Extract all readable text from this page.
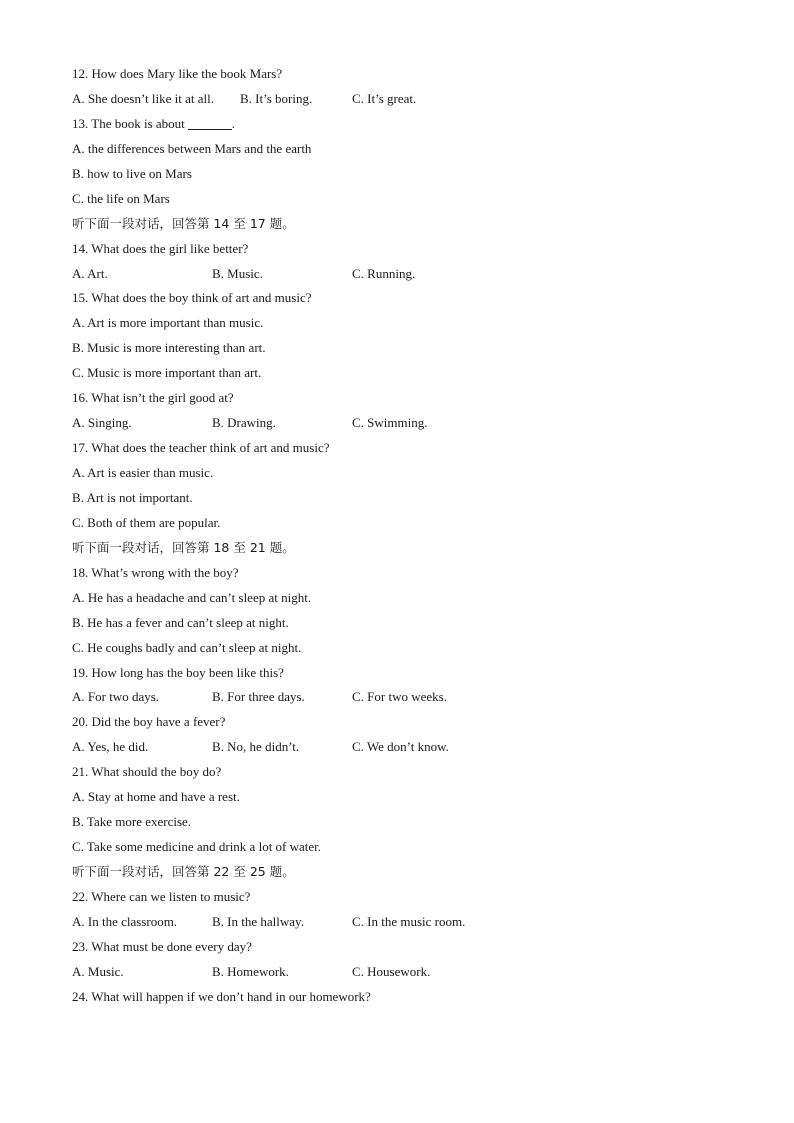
12. How does Mary like the book Mars?
A. She doesn’t like it at all. B. It’s boring.	C. It’s great.
13. The book is about	.
A. the differences between Mars and the earth
B. how to live on Mars
C. the life on Mars
听下面一段对话，回答第 14 至 17 题。
14. What does the girl like better?
A. Art.	B. Music.	C. Running.
15. What does the boy think of art and music?
A. Art is more important than music.
B. Music is more interesting than art.
C. Music is more important than art.
16. What isn’t the girl good at?
A. Singing.	B. Drawing.	C. Swimming.
17. What does the teacher think of art and music?
A. Art is easier than music.
B. Art is not important.
C. Both of them are popular.
听下面一段对话，回答第 18 至 21 题。
18. What’s wrong with the boy?
A. He has a headache and can’t sleep at night.
B. He has a fever and can’t sleep at night.
C. He coughs badly and can’t sleep at night.
19. How long has the boy been like this?
A. For two days.	B. For three days.	C. For two weeks.
20. Did the boy have a fever?
A. Yes, he did.	B. No, he didn’t.	C. We don’t know.
21. What should the boy do?
A. Stay at home and have a rest.
B. Take more exercise.
C. Take some medicine and drink a lot of water.
听下面一段对话，回答第 22 至 25 题。
22. Where can we listen to music?
A. In the classroom.	B. In the hallway.	C. In the music room.
23. What must be done every day?
A. Music.	B. Homework.	C. Housework.
24. What will happen if we don’t hand in our homework?
